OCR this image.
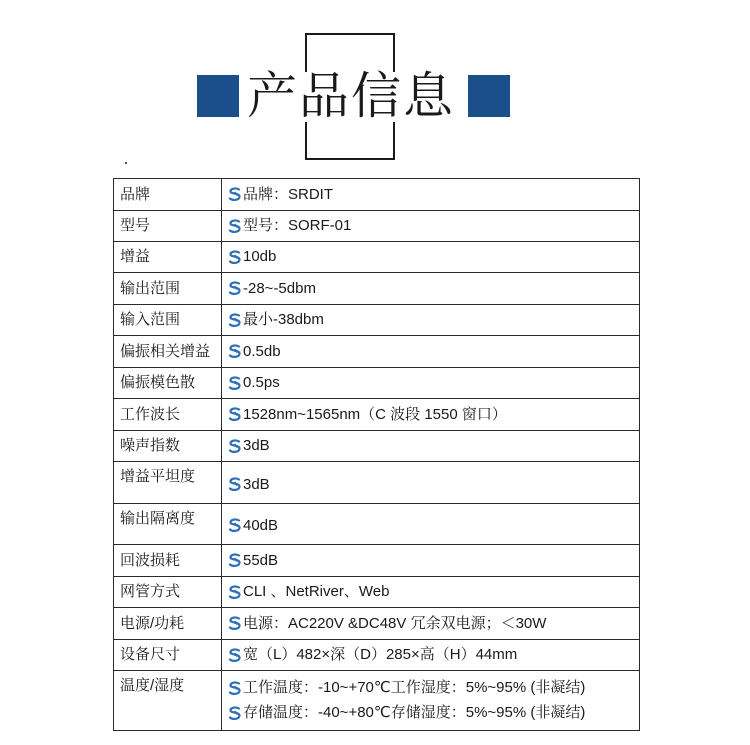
产品信息
品牌	品牌：SRDIT

型号	型号：SORF-01

增益	10db

输出范围	-28~-5dbm

输入范围	最小-38dbm

偏振相关增益	0.5db

偏振模色散	0.5ps

工作波长	1528nm~1565nm（C 波段 1550 窗口）

噪声指数	3dB

增益平坦度	3dB

输出隔离度	40dB

回波损耗	55dB

网管方式	CLI 、NetRiver、Web

电源/功耗	电源：AC220V &DC48V 冗余双电源；＜30W

设备尺寸	宽（L）482×深（D）285×高（H）44mm

温度/湿度	工作温度：-10~+70℃工作湿度：5%~95% (非凝结)
存储温度：-40~+80℃存储湿度：5%~95% (非凝结)
